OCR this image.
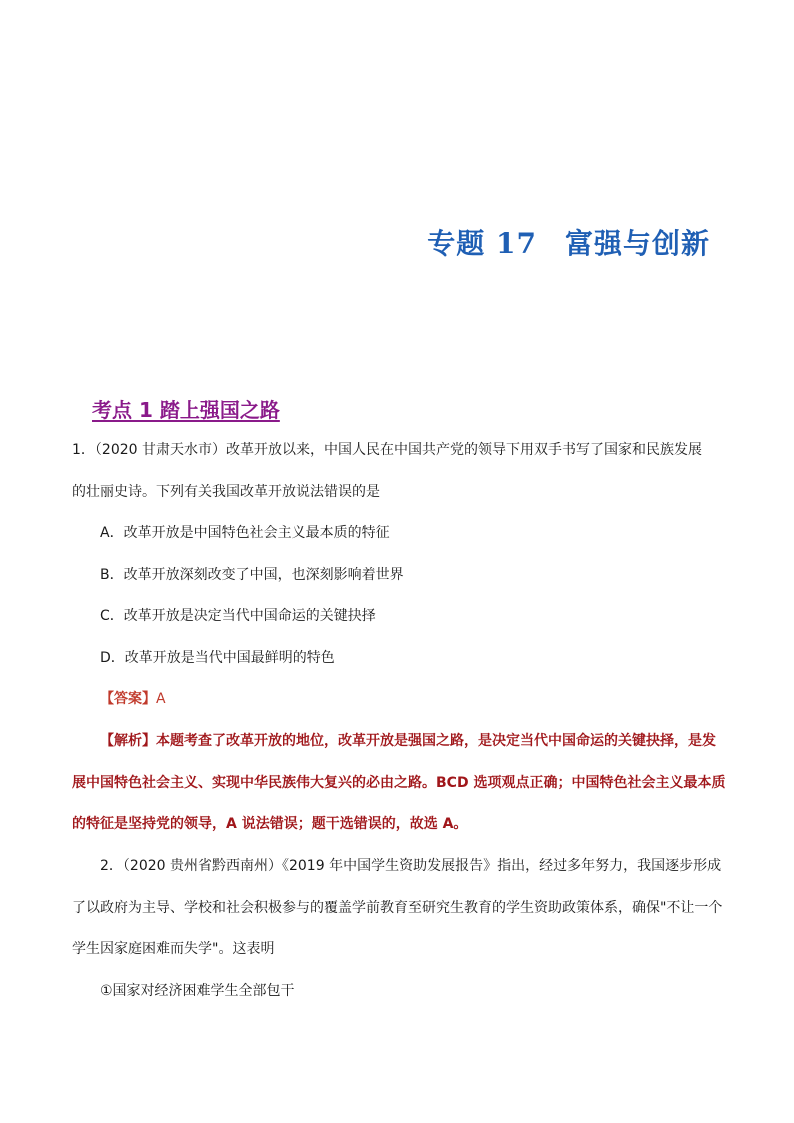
专题 17 富强与创新
考点 1 踏上强国之路
1．（2020 甘肃天水市）改革开放以来，中国人民在中国共产党的领导下用双手书写了国家和民族发展
的壮丽史诗。下列有关我国改革开放说法错误的是
A．改革开放是中国特色社会主义最本质的特征
B．改革开放深刻改变了中国，也深刻影响着世界
C．改革开放是决定当代中国命运的关键抉择
D．改革开放是当代中国最鲜明的特色
【答案】A
【解析】本题考查了改革开放的地位，改革开放是强国之路，是决定当代中国命运的关键抉择，是发
展中国特色社会主义、实现中华民族伟大复兴的必由之路。BCD 选项观点正确；中国特色社会主义最本质
的特征是坚持党的领导，A 说法错误；题干选错误的，故选 A。
2．（2020 贵州省黔西南州）《2019 年中国学生资助发展报告》指出，经过多年努力，我国逐步形成
了以政府为主导、学校和社会积极参与的覆盖学前教育至研究生教育的学生资助政策体系，确保"不让一个
学生因家庭困难而失学"。这表明
①国家对经济困难学生全部包干
